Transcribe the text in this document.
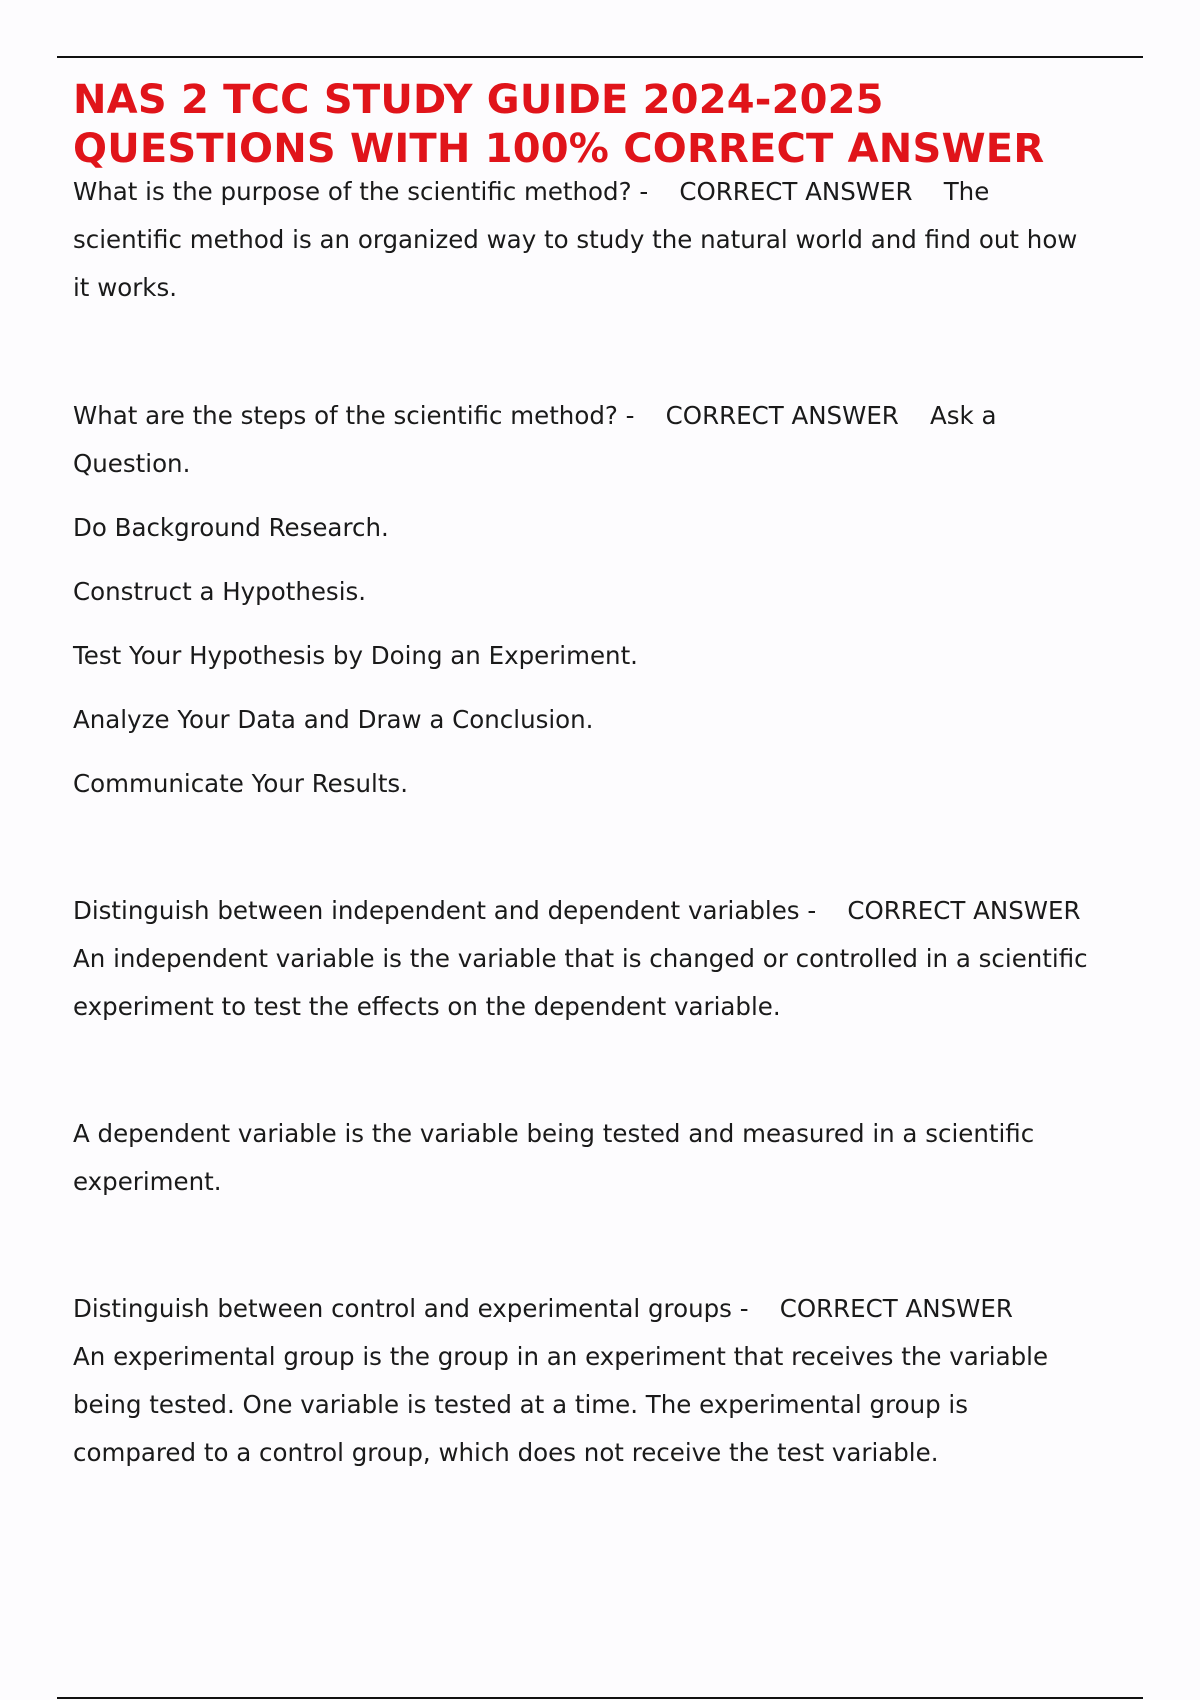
NAS 2 TCC STUDY GUIDE 2024-2025
QUESTIONS WITH 100% CORRECT ANSWER

What is the purpose of the scientific method? -    CORRECT ANSWER The

scientific method is an organized way to study the natural world and find out how

it works.

What are the steps of the scientific method? -    CORRECT ANSWER Ask a

Question.

Do Background Research.

Construct a Hypothesis.

Test Your Hypothesis by Doing an Experiment.

Analyze Your Data and Draw a Conclusion.

Communicate Your Results.

Distinguish between independent and dependent variables -    CORRECT ANSWER

An independent variable is the variable that is changed or controlled in a scientific

experiment to test the effects on the dependent variable.

A dependent variable is the variable being tested and measured in a scientific

experiment.

Distinguish between control and experimental groups -    CORRECT ANSWER

An experimental group is the group in an experiment that receives the variable

being tested. One variable is tested at a time. The experimental group is

compared to a control group, which does not receive the test variable.
